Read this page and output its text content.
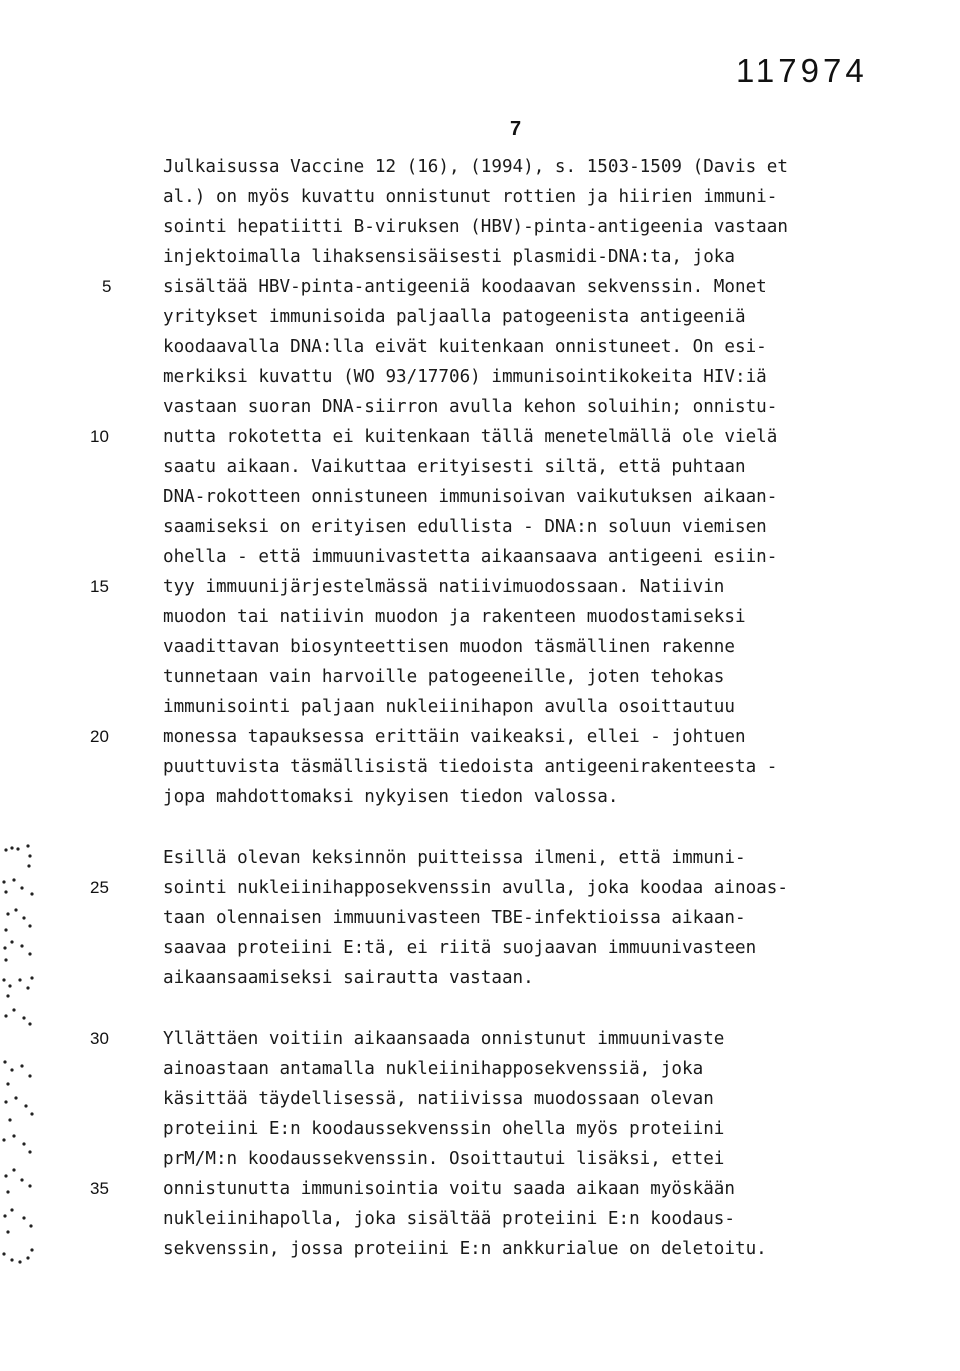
117974
7
Julkaisussa Vaccine 12 (16), (1994), s. 1503-1509 (Davis et
al.) on myös kuvattu onnistunut rottien ja hiirien immuni-
sointi hepatiitti B-viruksen (HBV)-pinta-antigeenia vastaan
injektoimalla lihaksensisäisesti plasmidi-DNA:ta, joka
sisältää HBV-pinta-antigeeniä koodaavan sekvenssin. Monet
yritykset immunisoida paljaalla patogeenista antigeeniä
koodaavalla DNA:lla eivät kuitenkaan onnistuneet. On esi-
merkiksi kuvattu (WO 93/17706) immunisointikokeita HIV:iä
vastaan suoran DNA-siirron avulla kehon soluihin; onnistu-
nutta rokotetta ei kuitenkaan tällä menetelmällä ole vielä
saatu aikaan. Vaikuttaa erityisesti siltä, että puhtaan
DNA-rokotteen onnistuneen immunisoivan vaikutuksen aikaan-
saamiseksi on erityisen edullista - DNA:n soluun viemisen
ohella - että immuunivastetta aikaansaava antigeeni esiin-
tyy immuunijärjestelmässä natiivimuodossaan. Natiivin
muodon tai natiivin muodon ja rakenteen muodostamiseksi
vaadittavan biosynteettisen muodon täsmällinen rakenne
tunnetaan vain harvoille patogeeneille, joten tehokas
immunisointi paljaan nukleiinihapon avulla osoittautuu
monessa tapauksessa erittäin vaikeaksi, ellei - johtuen
puuttuvista täsmällisistä tiedoista antigeenirakenteesta -
jopa mahdottomaksi nykyisen tiedon valossa.
Esillä olevan keksinnön puitteissa ilmeni, että immuni-
sointi nukleiinihapposekvenssin avulla, joka koodaa ainoas-
taan olennaisen immuunivasteen TBE-infektioissa aikaan-
saavaa proteiini E:tä, ei riitä suojaavan immuunivasteen
aikaansaamiseksi sairautta vastaan.
Yllättäen voitiin aikaansaada onnistunut immuunivaste
ainoastaan antamalla nukleiinihapposekvenssiä, joka
käsittää täydellisessä, natiivissa muodossaan olevan
proteiini E:n koodaussekvenssin ohella myös proteiini
prM/M:n koodaussekvenssin. Osoittautui lisäksi, ettei
onnistunutta immunisointia voitu saada aikaan myöskään
nukleiinihapolla, joka sisältää proteiini E:n koodaus-
sekvenssin, jossa proteiini E:n ankkurialue on deletoitu.
5
10
15
20
25
30
35
